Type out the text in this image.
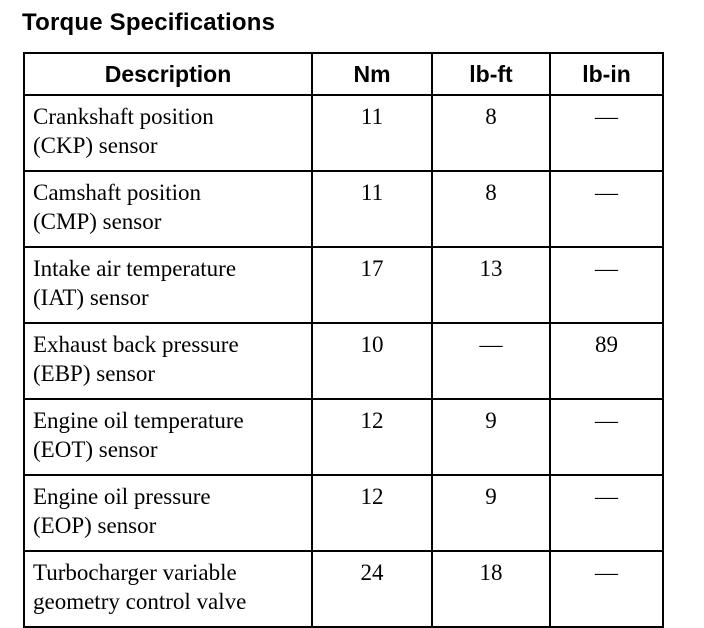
Torque Specifications
Description	Nm	lb-ft	lb-in

Crankshaft position
(CKP) sensor	11	8	—

Camshaft position
(CMP) sensor	11	8	—

Intake air temperature
(IAT) sensor	17	13	—

Exhaust back pressure
(EBP) sensor	10	—	89

Engine oil temperature
(EOT) sensor	12	9	—

Engine oil pressure
(EOP) sensor	12	9	—

Turbocharger variable
geometry control valve	24	18	—
